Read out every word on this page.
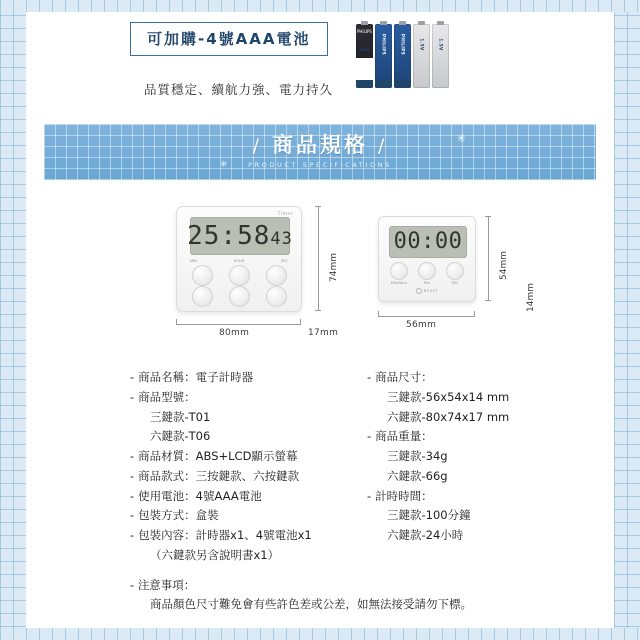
可加購-4號AAA電池
品質穩定、續航力強、電力持久
PHILIPS
AAA	PHILIPS	PHILIPS	1.5V	1.5V
✳
✳
/ 商品規格 /
PRODUCT SPECIFICATIONS
Timer
25:5843
MIN	HOUR	SEC
80mm
74mm
17mm
00:00
Min/Hour	Min	SEC
RESET
56mm
54mm
14mm
- 商品名稱：電子計時器
- 商品型號：
三鍵款-T01
六鍵款-T06
- 商品材質：ABS+LCD顯示螢幕
- 商品款式：三按鍵款、六按鍵款
- 使用電池：4號AAA電池
- 包裝方式：盒裝
- 包裝內容：計時器x1、4號電池x1
（六鍵款另含說明書x1）
- 商品尺寸：
三鍵款-56x54x14 mm
六鍵款-80x74x17 mm
- 商品重量：
三鍵款-34g
六鍵款-66g
- 計時時間：
三鍵款-100分鐘
六鍵款-24小時
- 注意事項：
商品顏色尺寸難免會有些許色差或公差，如無法接受請勿下標。
